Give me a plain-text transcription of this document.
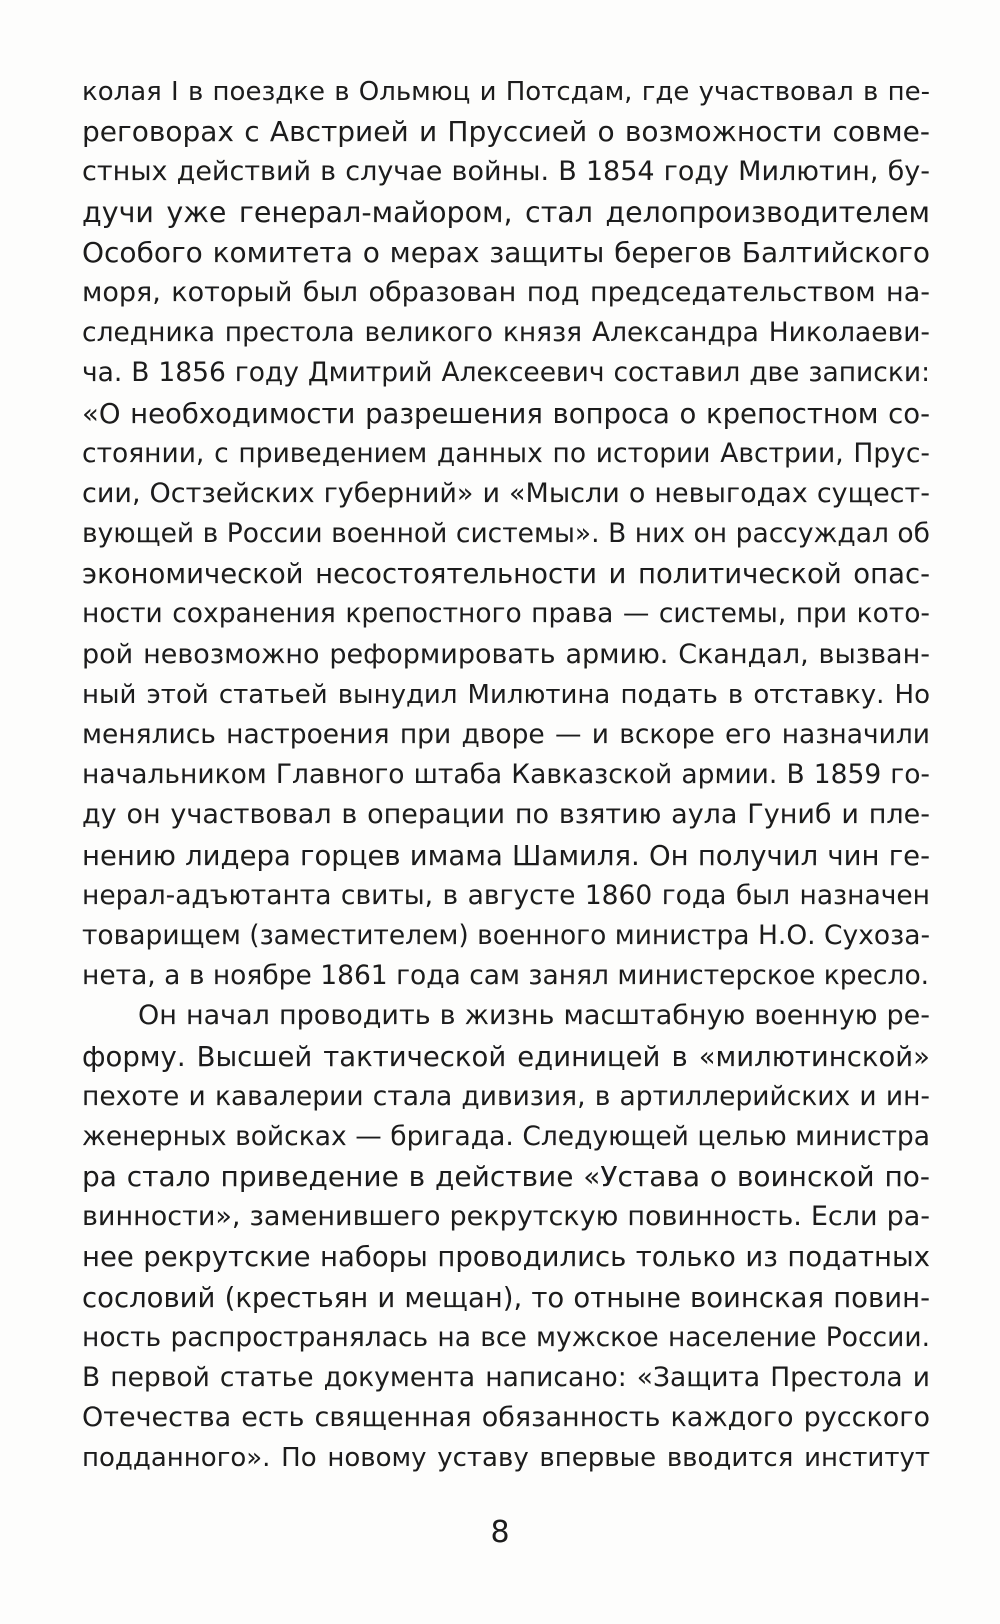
колая I в поездке в Ольмюц и Потсдам, где участвовал в пе-
реговорах с Австрией и Пруссией о возможности совме-
стных действий в случае войны. В 1854 году Милютин, бу-
дучи уже генерал-майором, стал делопроизводителем
Особого комитета о мерах защиты берегов Балтийского
моря, который был образован под председательством на-
следника престола великого князя Александра Николаеви-
ча. В 1856 году Дмитрий Алексеевич составил две записки:
«О необходимости разрешения вопроса о крепостном со-
стоянии, с приведением данных по истории Австрии, Прус-
сии, Остзейских губерний» и «Мысли о невыгодах сущест-
вующей в России военной системы». В них он рассуждал об
экономической несостоятельности и политической опас-
ности сохранения крепостного права — системы, при кото-
рой невозможно реформировать армию. Скандал, вызван-
ный этой статьей вынудил Милютина подать в отставку. Но
менялись настроения при дворе — и вскоре его назначили
начальником Главного штаба Кавказской армии. В 1859 го-
ду он участвовал в операции по взятию аула Гуниб и пле-
нению лидера горцев имама Шамиля. Он получил чин ге-
нерал-адъютанта свиты, в августе 1860 года был назначен
товарищем (заместителем) военного министра Н.О. Сухоза-
нета, а в ноябре 1861 года сам занял министерское кресло.
Он начал проводить в жизнь масштабную военную ре-
форму. Высшей тактической единицей в «милютинской»
пехоте и кавалерии стала дивизия, в артиллерийских и ин-
женерных войсках — бригада. Следующей целью министра
ра стало приведение в действие «Устава о воинской по-
винности», заменившего рекрутскую повинность. Если ра-
нее рекрутские наборы проводились только из податных
сословий (крестьян и мещан), то отныне воинская повин-
ность распространялась на все мужское население России.
В первой статье документа написано: «Защита Престола и
Отечества есть священная обязанность каждого русского
подданного». По новому уставу впервые вводится институт
8
